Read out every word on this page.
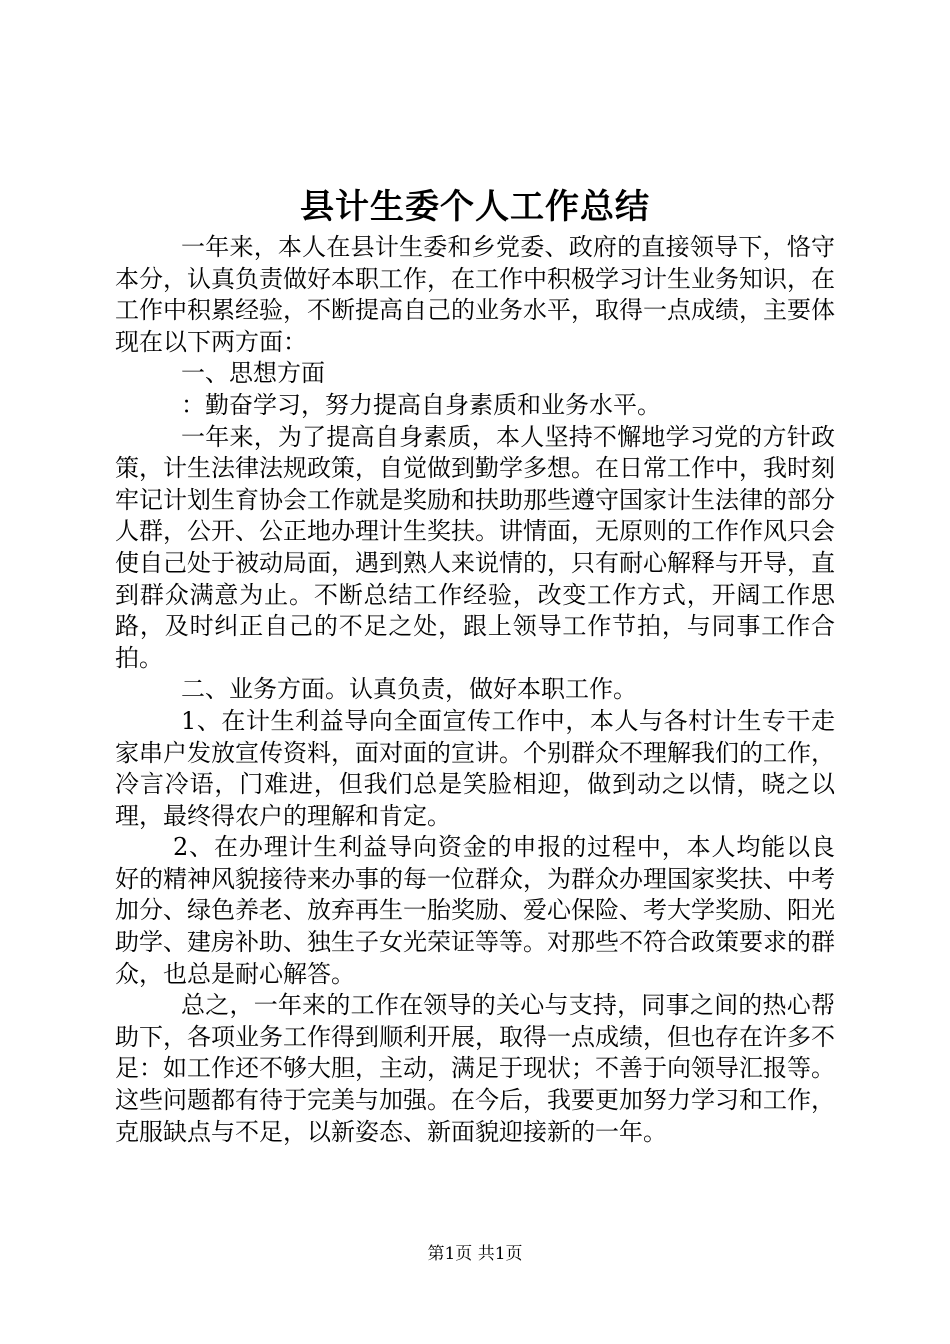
县计生委个人工作总结

一年来，本人在县计生委和乡党委、政府的直接领导下，恪守本分，认真负责做好本职工作，在工作中积极学习计生业务知识，在工作中积累经验，不断提高自己的业务水平，取得一点成绩，主要体现在以下两方面：

一、思想方面

：勤奋学习，努力提高自身素质和业务水平。

一年来，为了提高自身素质，本人坚持不懈地学习党的方针政策，计生法律法规政策，自觉做到勤学多想。在日常工作中，我时刻牢记计划生育协会工作就是奖励和扶助那些遵守国家计生法律的部分人群，公开、公正地办理计生奖扶。讲情面，无原则的工作作风只会使自己处于被动局面，遇到熟人来说情的，只有耐心解释与开导，直到群众满意为止。不断总结工作经验，改变工作方式，开阔工作思路，及时纠正自己的不足之处，跟上领导工作节拍，与同事工作合拍。

二、业务方面。认真负责，做好本职工作。

1、在计生利益导向全面宣传工作中，本人与各村计生专干走家串户发放宣传资料，面对面的宣讲。个别群众不理解我们的工作，冷言冷语，门难进，但我们总是笑脸相迎，做到动之以情，晓之以理，最终得农户的理解和肯定。

2、在办理计生利益导向资金的申报的过程中，本人均能以良好的精神风貌接待来办事的每一位群众，为群众办理国家奖扶、中考加分、绿色养老、放弃再生一胎奖励、爱心保险、考大学奖励、阳光助学、建房补助、独生子女光荣证等等。对那些不符合政策要求的群众，也总是耐心解答。

总之，一年来的工作在领导的关心与支持，同事之间的热心帮助下，各项业务工作得到顺利开展，取得一点成绩，但也存在许多不足：如工作还不够大胆，主动，满足于现状；不善于向领导汇报等。这些问题都有待于完美与加强。在今后，我要更加努力学习和工作，克服缺点与不足，以新姿态、新面貌迎接新的一年。

第1页 共1页
